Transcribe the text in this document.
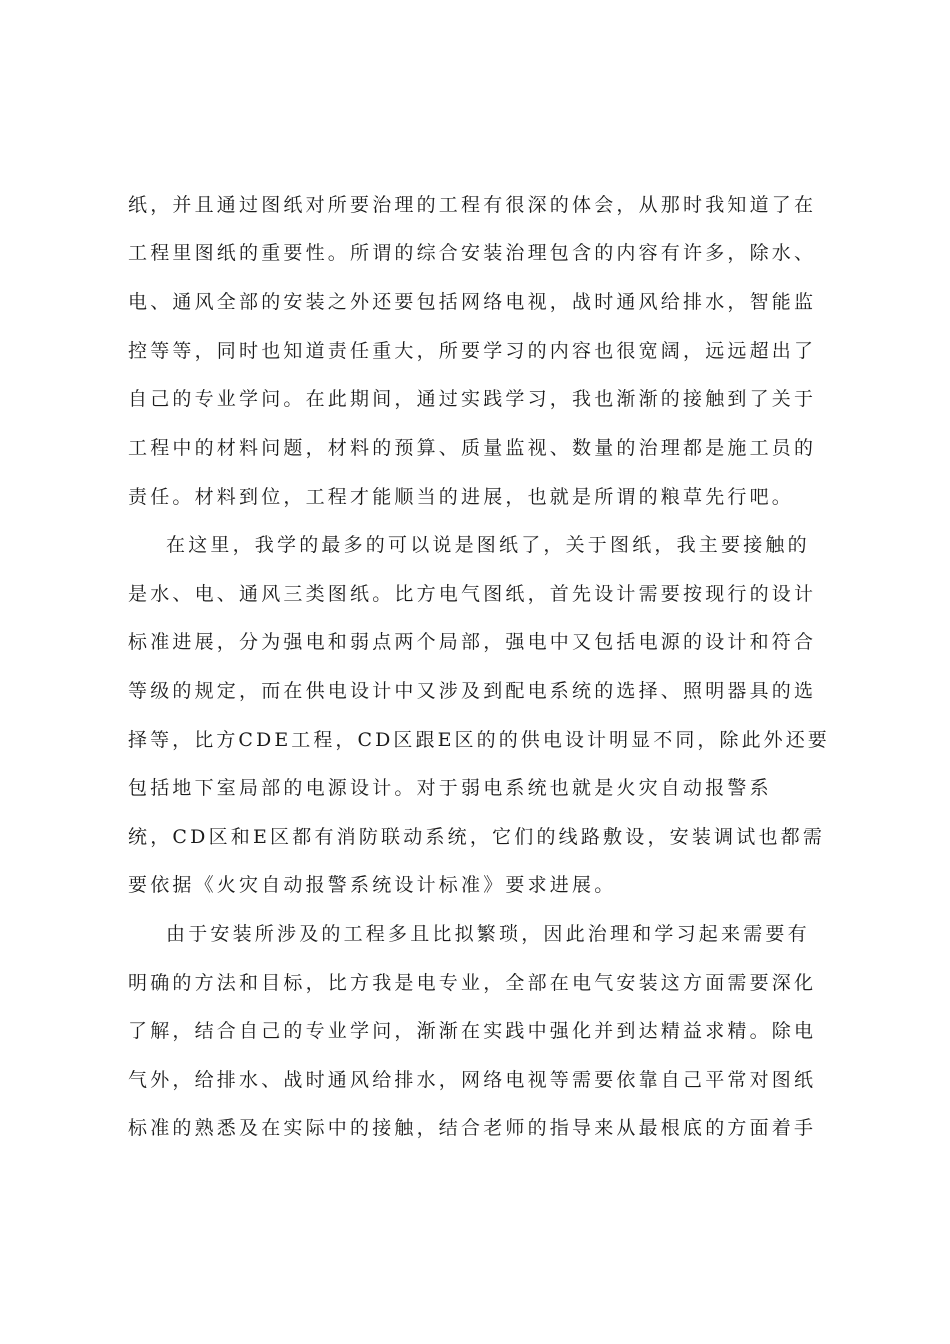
纸，并且通过图纸对所要治理的工程有很深的体会，从那时我知道了在
工程里图纸的重要性。所谓的综合安装治理包含的内容有许多，除水、
电、通风全部的安装之外还要包括网络电视，战时通风给排水，智能监
控等等，同时也知道责任重大，所要学习的内容也很宽阔，远远超出了
自己的专业学问。在此期间，通过实践学习，我也渐渐的接触到了关于
工程中的材料问题，材料的预算、质量监视、数量的治理都是施工员的
责任。材料到位，工程才能顺当的进展，也就是所谓的粮草先行吧。
在这里，我学的最多的可以说是图纸了，关于图纸，我主要接触的
是水、电、通风三类图纸。比方电气图纸，首先设计需要按现行的设计
标准进展，分为强电和弱点两个局部，强电中又包括电源的设计和符合
等级的规定，而在供电设计中又涉及到配电系统的选择、照明器具的选
择等，比方CDE工程，CD区跟E区的的供电设计明显不同，除此外还要
包括地下室局部的电源设计。对于弱电系统也就是火灾自动报警系
统，CD区和E区都有消防联动系统，它们的线路敷设，安装调试也都需
要依据《火灾自动报警系统设计标准》要求进展。
由于安装所涉及的工程多且比拟繁琐，因此治理和学习起来需要有
明确的方法和目标，比方我是电专业，全部在电气安装这方面需要深化
了解，结合自己的专业学问，渐渐在实践中强化并到达精益求精。除电
气外，给排水、战时通风给排水，网络电视等需要依靠自己平常对图纸
标准的熟悉及在实际中的接触，结合老师的指导来从最根底的方面着手
